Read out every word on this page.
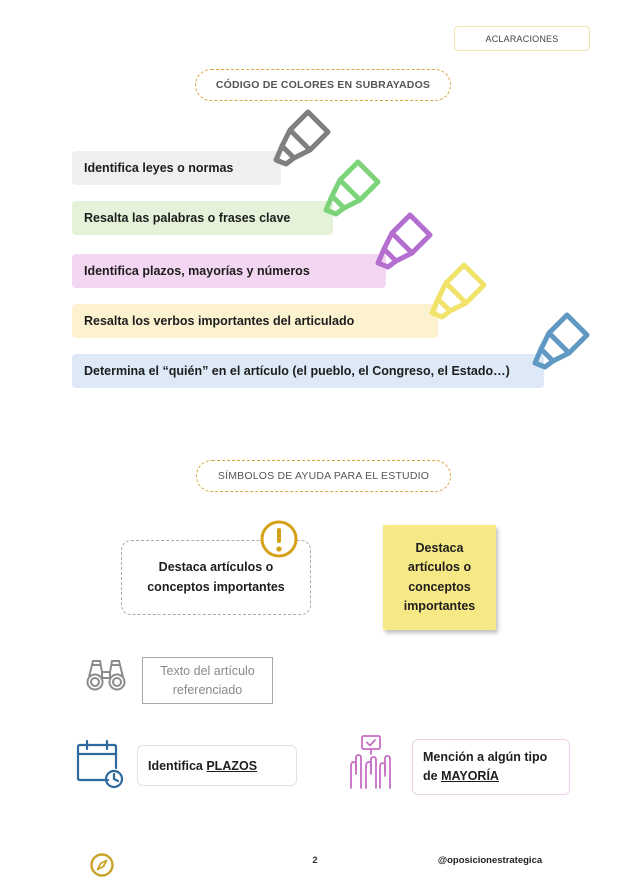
ACLARACIONES
CÓDIGO DE COLORES EN SUBRAYADOS
Identifica leyes o normas
Resalta las palabras o frases clave
Identifica plazos, mayorías y números
Resalta los verbos importantes del articulado
Determina el “quién” en el artículo (el pueblo, el Congreso, el Estado…)
SÍMBOLOS DE AYUDA PARA EL ESTUDIO
Destaca artículos o
conceptos importantes
Destaca
artículos o
conceptos
importantes
Texto del artículo
referenciado
Identifica PLAZOS
Mención a algún tipo
de MAYORÍA
2	@oposicionestrategica
